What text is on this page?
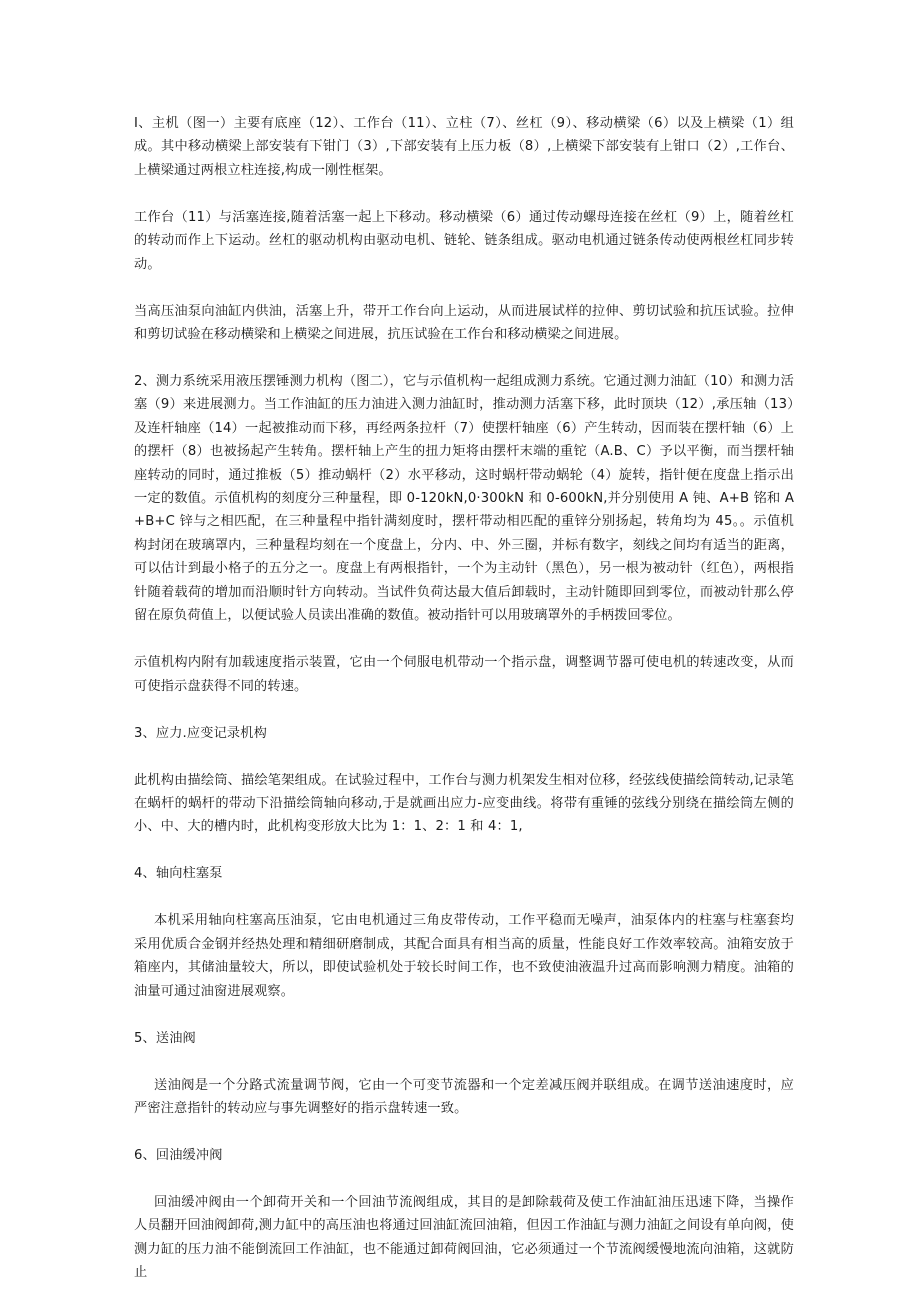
I、主机（图一）主要有底座（12）、工作台（11）、立柱（7）、丝杠（9）、移动横梁（6）以及上横梁（1）组成。其中移动横梁上部安装有下钳门（3）,下部安装有上压力板（8）,上横梁下部安装有上钳口（2）,工作台、上横梁通过两根立柱连接,构成一刚性框架。

工作台（11）与活塞连接,随着活塞一起上下移动。移动横梁（6）通过传动螺母连接在丝杠（9）上，随着丝杠的转动而作上下运动。丝杠的驱动机构由驱动电机、链轮、链条组成。驱动电机通过链条传动使两根丝杠同步转动。

当高压油泵向油缸内供油，活塞上升，带开工作台向上运动，从而进展试样的拉伸、剪切试验和抗压试验。拉伸和剪切试验在移动横梁和上横梁之间进展，抗压试验在工作台和移动横梁之间进展。

2、测力系统采用液压摆锤测力机构（图二），它与示值机构一起组成测力系统。它通过测力油缸（10）和测力活塞（9）来进展测力。当工作油缸的压力油进入测力油缸时，推动测力活塞下移，此时顶块（12）,承压轴（13）及连杆轴座（14）一起被推动而下移，再经两条拉杆（7）使摆杆轴座（6）产生转动，因而装在摆杆轴（6）上的摆杆（8）也被扬起产生转角。摆杆轴上产生的扭力矩将由摆杆末端的重铊（A.B、C）予以平衡，而当摆杆轴座转动的同时，通过推板（5）推动蜗杆（2）水平移动，这时蜗杆带动蜗轮（4）旋转，指针便在度盘上指示出一定的数值。示值机构的刻度分三种量程，即 0-120kN,0·300kN 和 0-600kN,并分别使用 A 钝、A+B 铭和 A+B+C 锌与之相匹配，在三种量程中指针满刻度时，摆杆带动相匹配的重锌分别扬起，转角均为 45。。示值机构封闭在玻璃罩内，三种量程均刻在一个度盘上，分内、中、外三圈，并标有数字，刻线之间均有适当的距离，可以估计到最小格子的五分之一。度盘上有两根指针，一个为主动针（黑色），另一根为被动针（红色），两根指针随着载荷的增加而沿顺时针方向转动。当试件负荷达最大值后卸载时，主动针随即回到零位，而被动针那么停留在原负荷值上，以便试验人员读出准确的数值。被动指针可以用玻璃罩外的手柄拨回零位。

示值机构内附有加载速度指示装置，它由一个伺服电机带动一个指示盘，调整调节器可使电机的转速改变，从而可使指示盘获得不同的转速。

3、应力.应变记录机构

此机构由描绘筒、描绘笔架组成。在试验过程中，工作台与测力机架发生相对位移，经弦线使描绘筒转动,记录笔在蜗杆的蜗杆的带动下沿描绘筒轴向移动,于是就画出应力-应变曲线。将带有重锤的弦线分别绕在描绘筒左侧的小、中、大的槽内时，此机构变形放大比为 1：1、2：1 和 4：1,

4、轴向柱塞泵

本机采用轴向柱塞高压油泵，它由电机通过三角皮带传动，工作平稳而无噪声，油泵体内的柱塞与柱塞套均采用优质合金钢并经热处理和精细研磨制成，其配合面具有相当高的质量，性能良好工作效率较高。油箱安放于箱座内，其储油量较大，所以，即使试验机处于较长时间工作，也不致使油液温升过高而影响测力精度。油箱的油量可通过油窗进展观察。

5、送油阀

送油阀是一个分路式流量调节阀，它由一个可变节流器和一个定差减压阀并联组成。在调节送油速度时，应严密注意指针的转动应与事先调整好的指示盘转速一致。

6、回油缓冲阀

回油缓冲阀由一个卸荷开关和一个回油节流阀组成，其目的是卸除载荷及使工作油缸油压迅速下降，当操作人员翻开回油阀卸荷,测力缸中的高压油也将通过回油缸流回油箱，但因工作油缸与测力油缸之间设有单向阀，使测力缸的压力油不能倒流回工作油缸，也不能通过卸荷阀回油，它必须通过一个节流阀缓慢地流向油箱，这就防止
